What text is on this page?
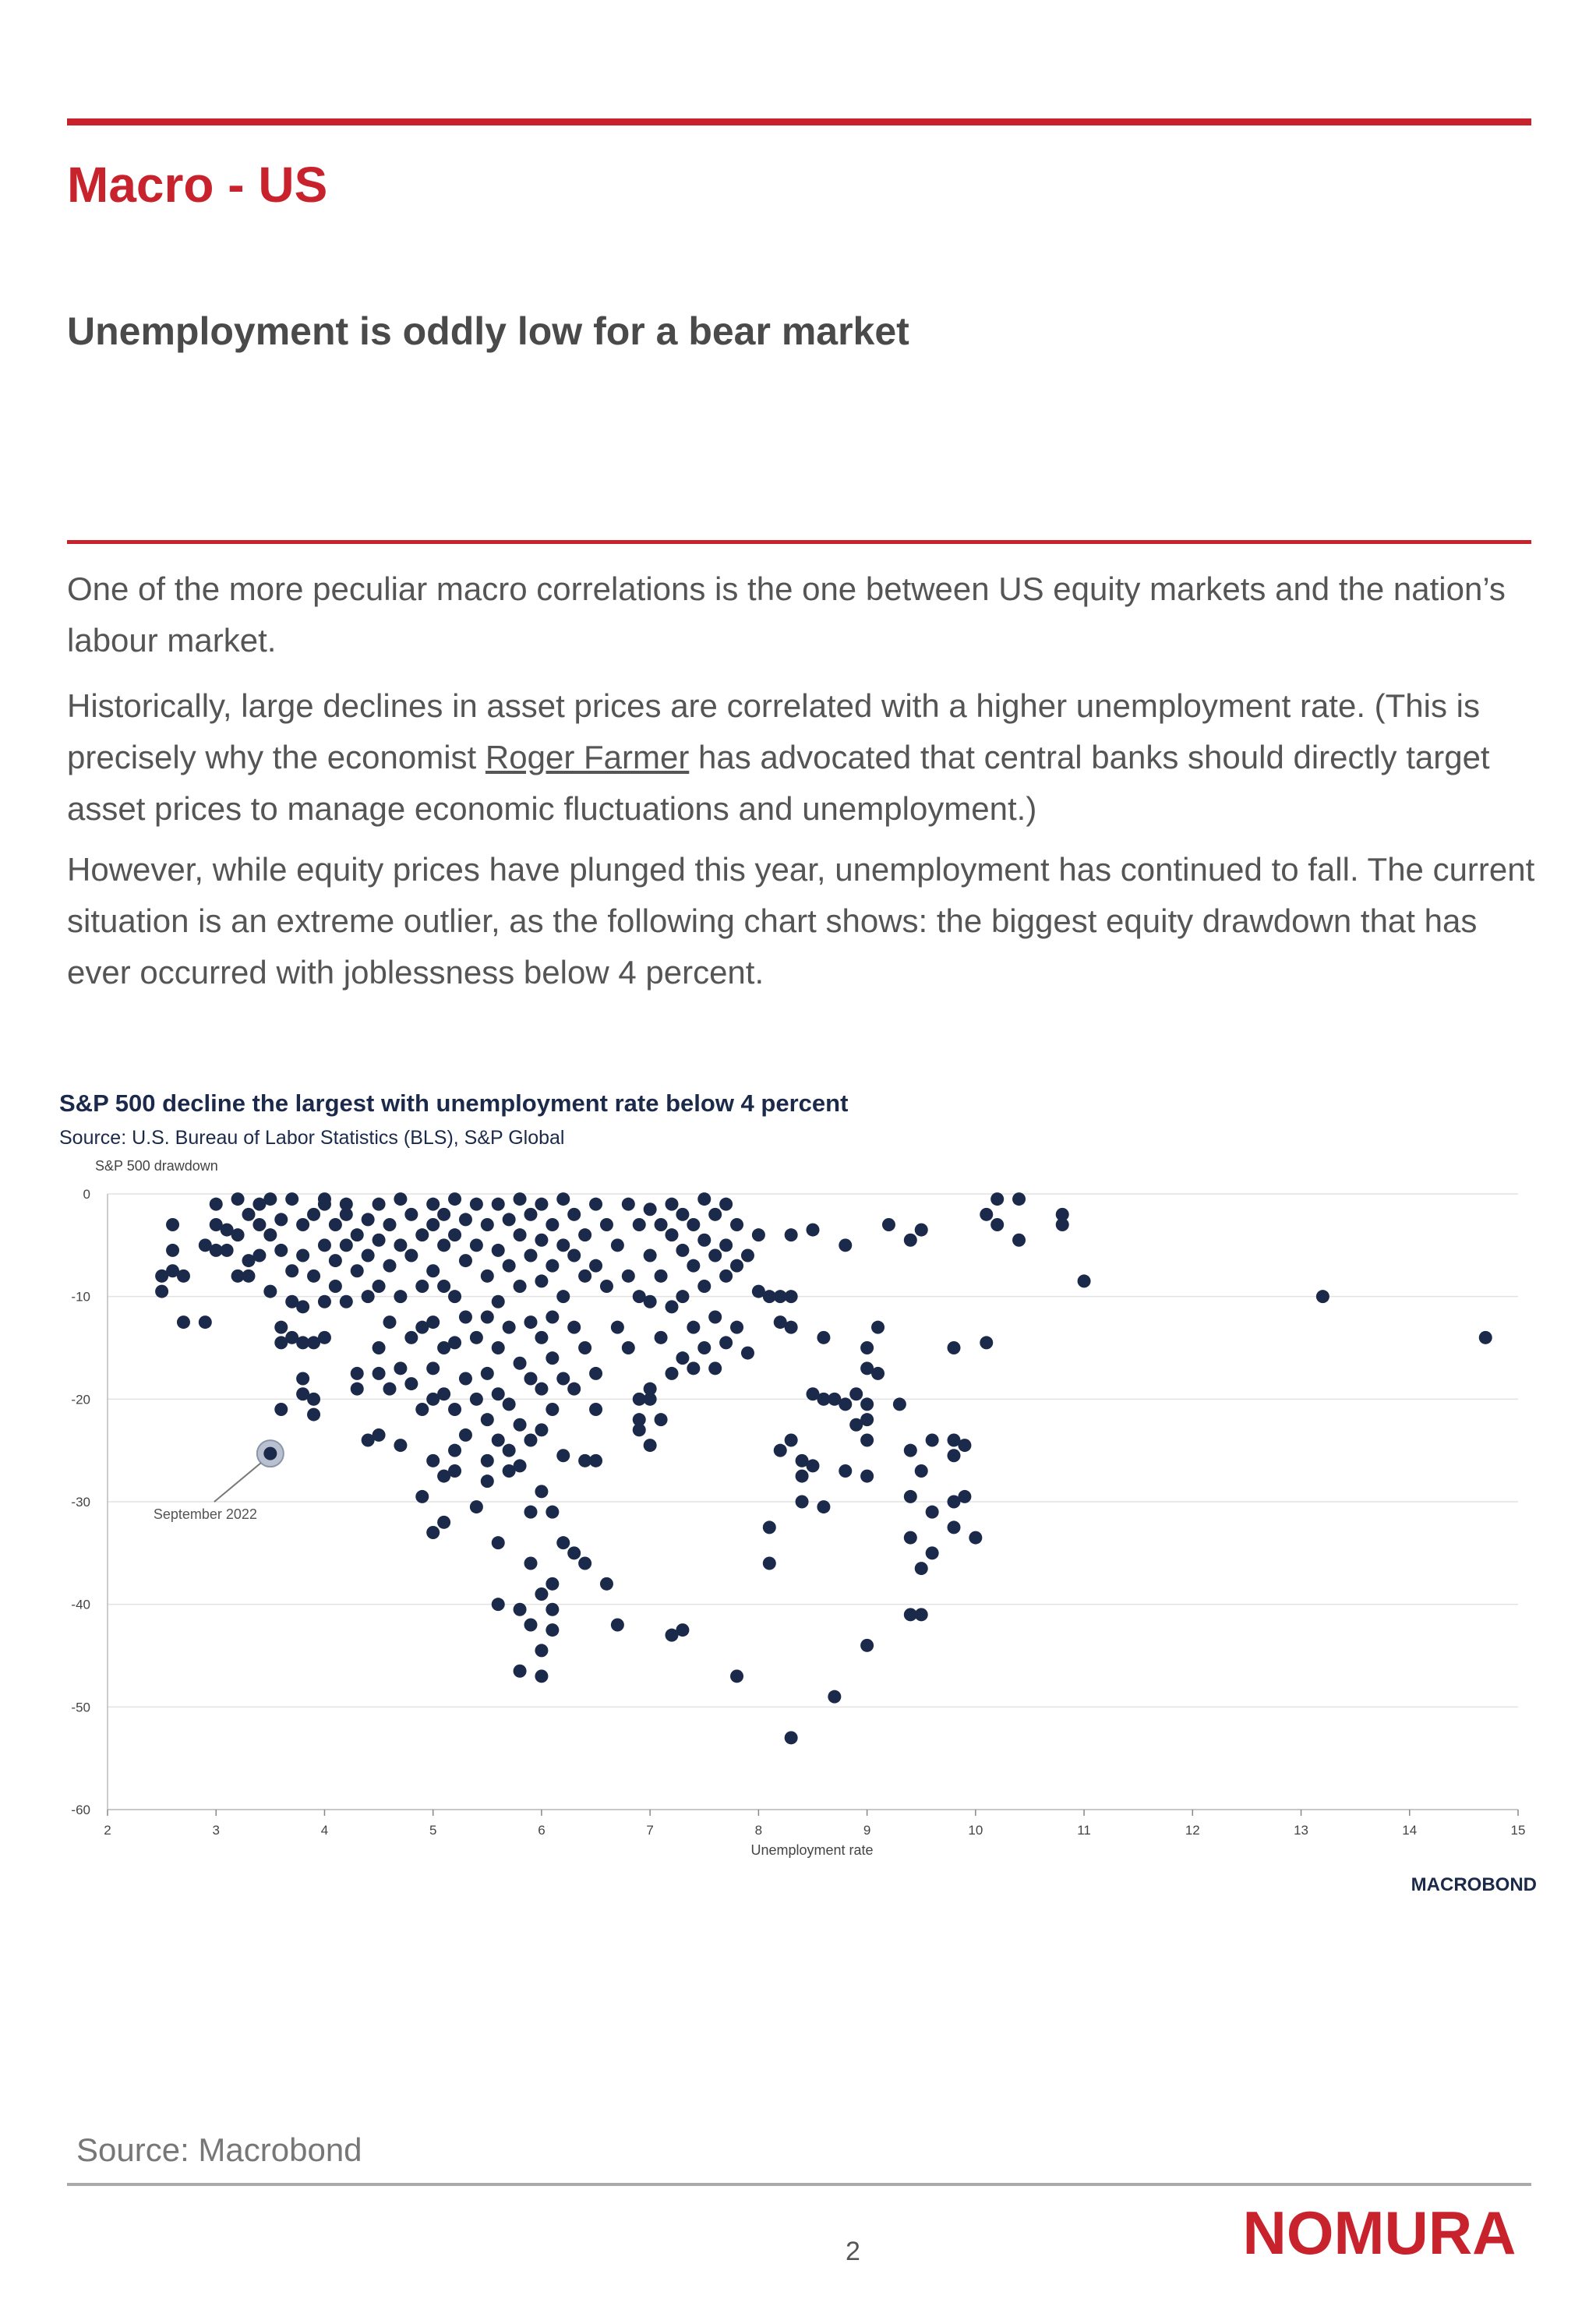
Macro - US
Unemployment is oddly low for a bear market

One of the more peculiar macro correlations is the one between US equity markets and the nation’s labour market.

Historically, large declines in asset prices are correlated with a higher unemployment rate. (This is precisely why the economist Roger Farmer has advocated that central banks should directly target asset prices to manage economic fluctuations and unemployment.)

However, while equity prices have plunged this year, unemployment has continued to fall. The current situation is an extreme outlier, as the following chart shows: the biggest equity drawdown that has ever occurred with joblessness below 4 percent.

S&P 500 decline the largest with unemployment rate below 4 percent
Source: U.S. Bureau of Labor Statistics (BLS), S&P Global
S&P 500 drawdown
0
-10
-20
-30
-40
-50
-60
2	3	4	5	6	7	8	9	10	11	12	13	14	15
September 2022
Unemployment rate
MACROBOND

Source: Macrobond

2	NOMURA
